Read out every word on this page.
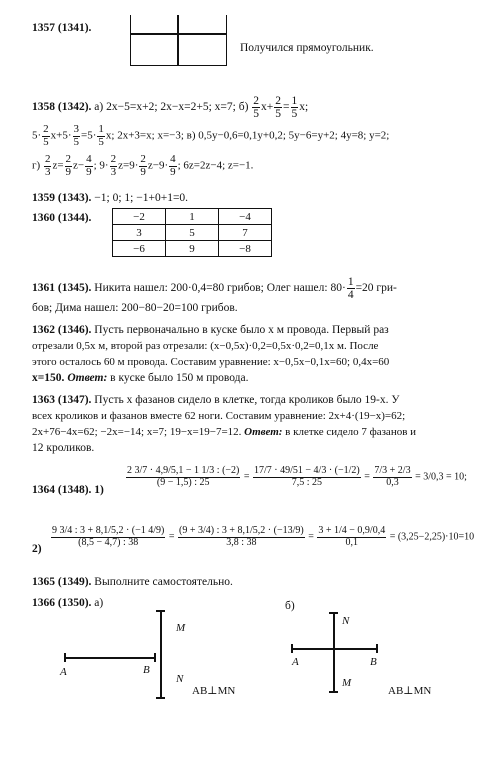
1357 (1341).
Получился прямоугольник.
1358 (1342). а) 2x−5=x+2; 2x−x=2+5; x=7; $б) \frac{2}{5} x+ \frac{2}{5} = \frac{1}{5} x$;
$5\cdot \frac{2}{5} x+5\cdot \frac{3}{5} =5\cdot \frac{1}{5} x$; 2x+3=x; x=−3; в) 0,5y−0,6=0,1y+0,2; 5y−6=y+2; 4y=8; y=2;
$г) \frac{2}{3} z= \frac{2}{9} z- \frac{4}{9}$ ; $9\cdot \frac{2}{3} z=9\cdot \frac{2}{9} z-9\cdot \frac{4}{9}$ ; 6z=2z−4; z=−1.
1359 (1343). −1; 0; 1; −1+0+1=0.
1360 (1344).	−2	1	−4
3	5	7
−6	9	−8
1361 (1345). Никита нашел: 200·0,4=80 грибов; Олег нашел: $80\cdot \frac{1}{4} =20$ гри-
бов; Дима нашел: 200−80−20=100 грибов.
1362 (1346). Пусть первоначально в куске было x м провода. Первый раз
отрезали 0,5x м, второй раз отрезали: (x−0,5x)·0,2=0,5x·0,2=0,1x м. После
этого осталось 60 м провода. Составим уравнение: x−0,5x−0,1x=60; 0,4x=60
x=150. Ответ: в куске было 150 м провода.
1363 (1347). Пусть x фазанов сидело в клетке, тогда кроликов было 19-x. У
всех кроликов и фазанов вместе 62 ноги. Составим уравнение: 2x+4·(19−x)=62;
2x+76−4x=62; −2x=−14; x=7; 19−x=19−7=12. Ответ: в клетке сидело 7 фазанов и
12 кроликов.
1364 (1348). 1)
$\frac{2 3/7 \cdot 4,9/5,1 - 1 1/3 : (-2)}{(9 - 1,5) : 25} = \frac{17/7 \cdot 49/51 - 4/3 \cdot (-1/2)}{7,5 : 25} = \frac{7/3 + 2/3}{0,3} = 3/0,3 = 10$;
2)
$\frac{9 3/4 : 3 + 8,1/5,2 \cdot (-1 4/9)}{(8,5 - 4,7) : 38} = \frac{(9 + 3/4) : 3 + 8,1/5,2 \cdot (-13/9)}{3,8 : 38} = \frac{3 + 1/4 - 0,9/0,4}{0,1} = (3,25-2,25)\cdot 10=10$
1365 (1349). Выполните самостоятельно.
1366 (1350). а)	б)
A	B
M
N
AB⊥MN
N
A	B
M
AB⊥MN
